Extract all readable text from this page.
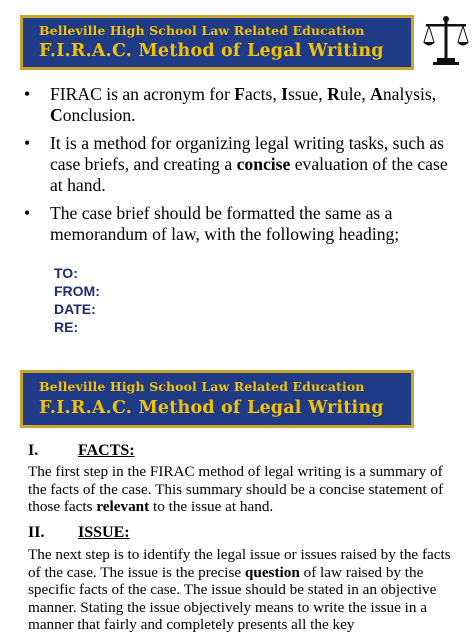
Belleville High School Law Related Education
F.I.R.A.C. Method of Legal Writing
• FIRAC is an acronym for Facts, Issue, Rule, Analysis, Conclusion.
• It is a method for organizing legal writing tasks, such as case briefs, and creating a concise evaluation of the case at hand.
• The case brief should be formatted the same as a memorandum of law, with the following heading;
TO:
FROM:
DATE:
RE:
Belleville High School Law Related Education
F.I.R.A.C. Method of Legal Writing
I. FACTS:
The first step in the FIRAC method of legal writing is a summary of the facts of the case. This summary should be a concise statement of those facts relevant to the issue at hand.
II. ISSUE:
The next step is to identify the legal issue or issues raised by the facts of the case. The issue is the precise question of law raised by the specific facts of the case. The issue should be stated in an objective manner. Stating the issue objectively means to write the issue in a manner that fairly and completely presents all the key
